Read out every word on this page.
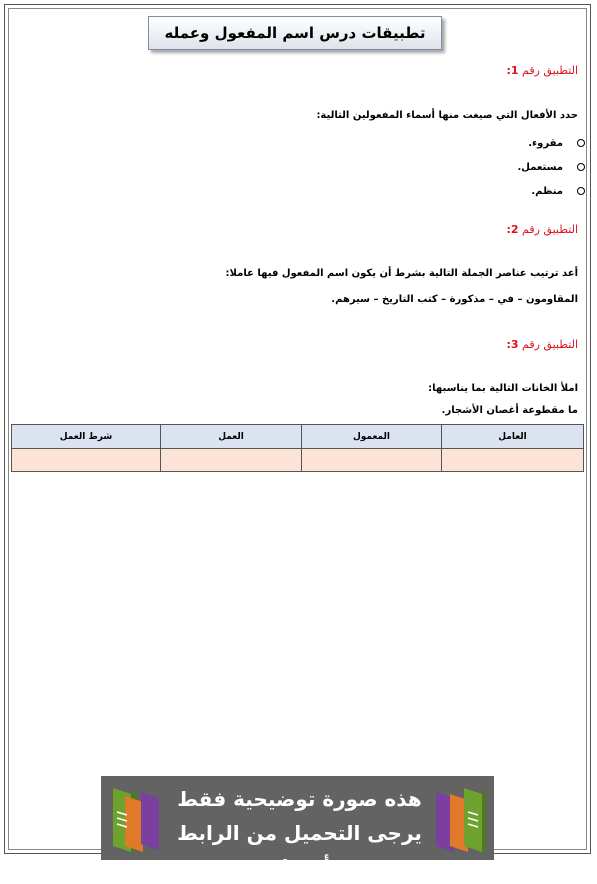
تطبيقات درس اسم المفعول وعمله
التطبيق رقم 1:
حدد الأفعال التي صيغت منها أسماء المفعولين التالية:
مقروء.
مستعمل.
منظم.
التطبيق رقم 2:
أعد ترتيب عناصر الجملة التالية بشرط أن يكون اسم المفعول فيها عاملا:
المقاومون – في – مذكورة – كتب التاريخ – سيرهم.
التطبيق رقم 3:
املأ الخانات التالية بما يناسبها:
ما مقطوعة أغصان الأشجار.
العامل	المعمول	العمل	شرط العمل

هذه صورة توضيحية فقط
يرجى التحميل من الرابط أسفله
